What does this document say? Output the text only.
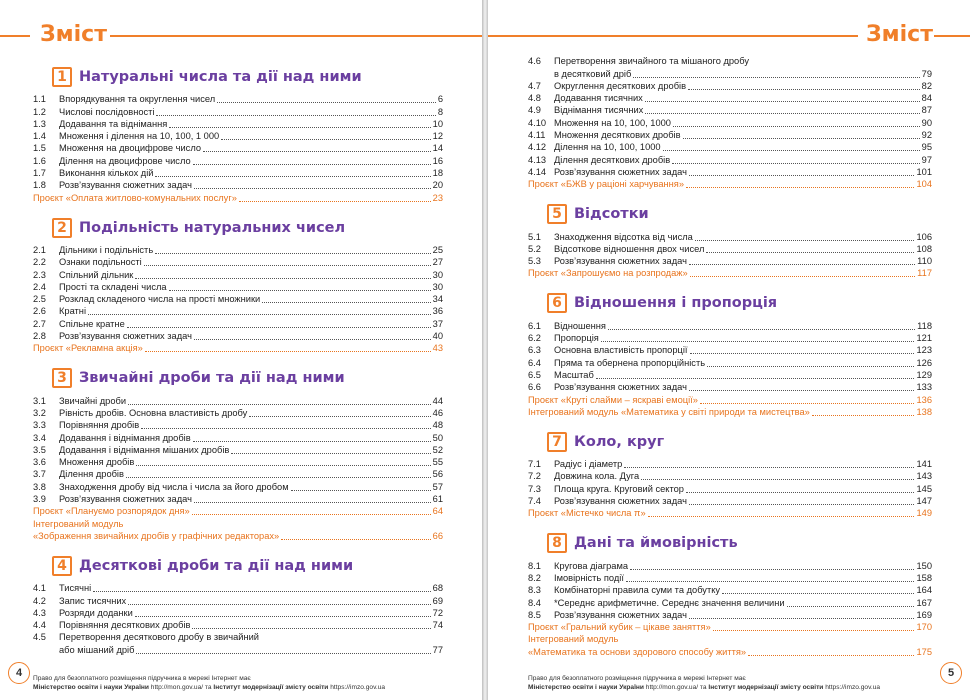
Зміст
1 Натуральні числа та дії над ними
1.1	Впорядкування та округлення чисел	6
1.2	Числові послідовності	8
1.3	Додавання та віднімання	10
1.4	Множення і ділення на 10, 100, 1 000	12
1.5	Множення на двоцифрове число	14
1.6	Ділення на двоцифрове число	16
1.7	Виконання кількох дій	18
1.8	Розв’язування сюжетних задач	20
Проєкт «Оплата житлово-комунальних послуг»	23
2 Подільність натуральних чисел
2.1	Дільники і подільність	25
2.2	Ознаки подільності	27
2.3	Спільний дільник	30
2.4	Прості та складені числа	30
2.5	Розклад складеного числа на прості множники	34
2.6	Кратні	36
2.7	Спільне кратне	37
2.8	Розв’язування сюжетних задач	40
Проєкт «Рекламна акція»	43
3 Звичайні дроби та дії над ними
3.1	Звичайні дроби	44
3.2	Рівність дробів. Основна властивість дробу	46
3.3	Порівняння дробів	48
3.4	Додавання і віднімання дробів	50
3.5	Додавання і віднімання мішаних дробів	52
3.6	Множення дробів	55
3.7	Ділення дробів	56
3.8	Знаходження дробу від числа і числа за його дробом	57
3.9	Розв’язування сюжетних задач	61
Проєкт «Плануємо розпорядок дня»	64
Інтегрований модуль
«Зображення звичайних дробів у графічних редакторах»	66
4 Десяткові дроби та дії над ними
4.1	Тисячні	68
4.2	Запис тисячних	69
4.3	Розряди доданки	72
4.4	Порівняння десяткових дробів	74
4.5	Перетворення десяткового дробу в звичайний
або мішаний дріб	77
4	Право для безоплатного розміщення підручника в мережі Інтернет має
Міністерство освіти і науки України http://mon.gov.ua/ та Інститут модернізації змісту освіти https://imzo.gov.ua
Зміст
4.6	Перетворення звичайного та мішаного дробу
в десятковий дріб	79
4.7	Округлення десяткових дробів	82
4.8	Додавання тисячних	84
4.9	Віднімання тисячних	87
4.10 Множення на 10, 100, 1000	90
4.11 Множення десяткових дробів	92
4.12 Ділення на 10, 100, 1000	95
4.13 Ділення десяткових дробів	97
4.14 Розв’язування сюжетних задач	101
Проєкт «БЖВ у раціоні харчування»	104
5 Відсотки
5.1	Знаходження відсотка від числа	106
5.2	Відсоткове відношення двох чисел	108
5.3	Розв’язування сюжетних задач	110
Проєкт «Запрошуємо на розпродаж»	117
6 Відношення і пропорція
6.1	Відношення	118
6.2	Пропорція	121
6.3	Основна властивість пропорції	123
6.4	Пряма та обернена пропорційність	126
6.5	Масштаб	129
6.6	Розв’язування сюжетних задач	133
Проєкт «Круті слайми – яскраві емоції»	136
Інтегрований модуль «Математика у світі природи та мистецтва»	138
7 Коло, круг
7.1	Радіус і діаметр	141
7.2	Довжина кола. Дуга	143
7.3	Площа круга. Круговий сектор	145
7.4	Розв’язування сюжетних задач	147
Проєкт «Містечко числа π»	149
8 Дані та ймовірність
8.1	Кругова діаграма	150
8.2	Імовірність події	158
8.3	Комбінаторні правила суми та добутку	164
8.4	*Середнє арифметичне. Середнє значення величини	167
8.5	Розв’язування сюжетних задач	169
Проєкт «Гральний кубик – цікаве заняття»	170
Інтегрований модуль
«Математика та основи здорового способу життя»	175
5
Право для безоплатного розміщення підручника в мережі Інтернет має
Міністерство освіти і науки України http://mon.gov.ua/ та Інститут модернізації змісту освіти https://imzo.gov.ua
